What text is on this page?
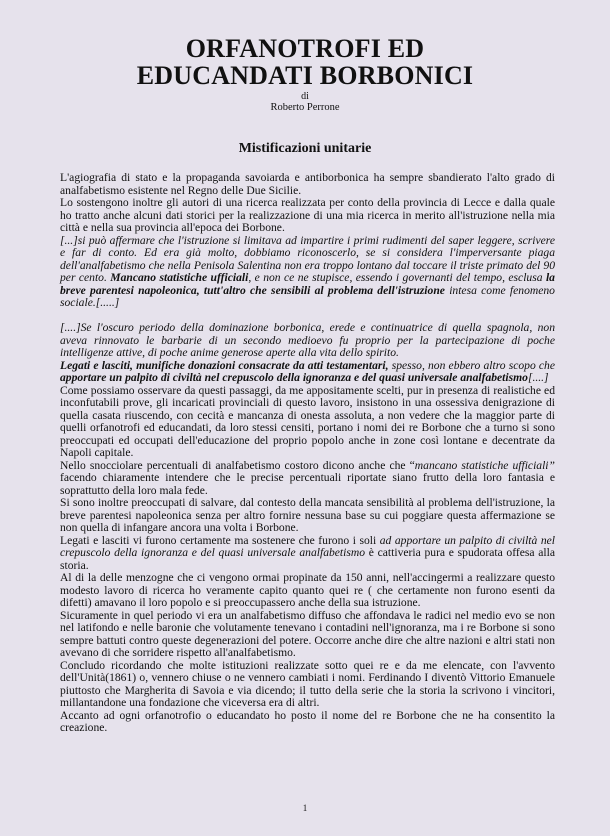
ORFANOTROFI ED
EDUCANDATI BORBONICI
di
Roberto Perrone
Mistificazioni unitarie

L'agiografia di stato e la propaganda savoiarda e antiborbonica ha sempre sbandierato l'alto grado di analfabetismo esistente nel Regno delle Due Sicilie.

Lo sostengono inoltre gli autori di una ricerca realizzata per conto della provincia di Lecce e dalla quale ho tratto anche alcuni dati storici per la realizzazione di una mia ricerca in merito all'istruzione nella mia città e nella sua provincia all'epoca dei Borbone.

[...]si può affermare che l'istruzione si limitava ad impartire i primi rudimenti del saper leggere, scrivere e far di conto. Ed era già molto, dobbiamo riconoscerlo, se si considera l'imperversante piaga dell'analfabetismo che nella Penisola Salentina non era troppo lontano dal toccare il triste primato del 90 per cento. Mancano statistiche ufficiali, e non ce ne stupisce, essendo i governanti del tempo, esclusa la breve parentesi napoleonica, tutt'altro che sensibili al problema dell'istruzione intesa come fenomeno sociale.[.....]

[....]Se l'oscuro periodo della dominazione borbonica, erede e continuatrice di quella spagnola, non aveva rinnovato le barbarie di un secondo medioevo fu proprio per la partecipazione di poche intelligenze attive, di poche anime generose aperte alla vita dello spirito.
Legati e lasciti, munifiche donazioni consacrate da atti testamentari, spesso, non ebbero altro scopo che apportare un palpito di civiltà nel crepuscolo della ignoranza e del quasi universale analfabetismo[....]

Come possiamo osservare da questi passaggi, da me appositamente scelti, pur in presenza di realistiche ed inconfutabili prove, gli incaricati provinciali di questo lavoro, insistono in una ossessiva denigrazione di quella casata riuscendo, con cecità e mancanza di onesta assoluta, a non vedere che la maggior parte di quelli orfanotrofi ed educandati, da loro stessi censiti, portano i nomi dei re Borbone che a turno si sono preoccupati ed occupati dell'educazione del proprio popolo anche in zone così lontane e decentrate da Napoli capitale.

Nello snocciolare percentuali di analfabetismo costoro dicono anche che “mancano statistiche ufficiali” facendo chiaramente intendere che le precise percentuali riportate siano frutto della loro fantasia e soprattutto della loro mala fede.

Si sono inoltre preoccupati di salvare, dal contesto della mancata sensibilità al problema dell'istruzione, la breve parentesi napoleonica senza per altro fornire nessuna base su cui poggiare questa affermazione se non quella di infangare ancora una volta i Borbone.

Legati e lasciti vi furono certamente ma sostenere che furono i soli ad apportare un palpito di civiltà nel crepuscolo della ignoranza e del quasi universale analfabetismo è cattiveria pura e spudorata offesa alla storia.

Al di la delle menzogne che ci vengono ormai propinate da 150 anni, nell'accingermi a realizzare questo modesto lavoro di ricerca ho veramente capito quanto quei re ( che certamente non furono esenti da difetti) amavano il loro popolo e si preoccupassero anche della sua istruzione.

Sicuramente in quel periodo vi era un analfabetismo diffuso che affondava le radici nel medio evo se non nel latifondo e nelle baronie che volutamente tenevano i contadini nell'ignoranza, ma i re Borbone si sono sempre battuti contro queste degenerazioni del potere. Occorre anche dire che altre nazioni e altri stati non avevano di che sorridere rispetto all'analfabetismo.

Concludo ricordando che molte istituzioni realizzate sotto quei re e da me elencate, con l'avvento dell'Unità(1861) o, vennero chiuse o ne vennero cambiati i nomi. Ferdinando I diventò Vittorio Emanuele piuttosto che Margherita di Savoia e via dicendo; il tutto della serie che la storia la scrivono i vincitori, millantandone una fondazione che viceversa era di altri.

Accanto ad ogni orfanotrofio o educandato ho posto il nome del re Borbone che ne ha consentito la creazione.

1
